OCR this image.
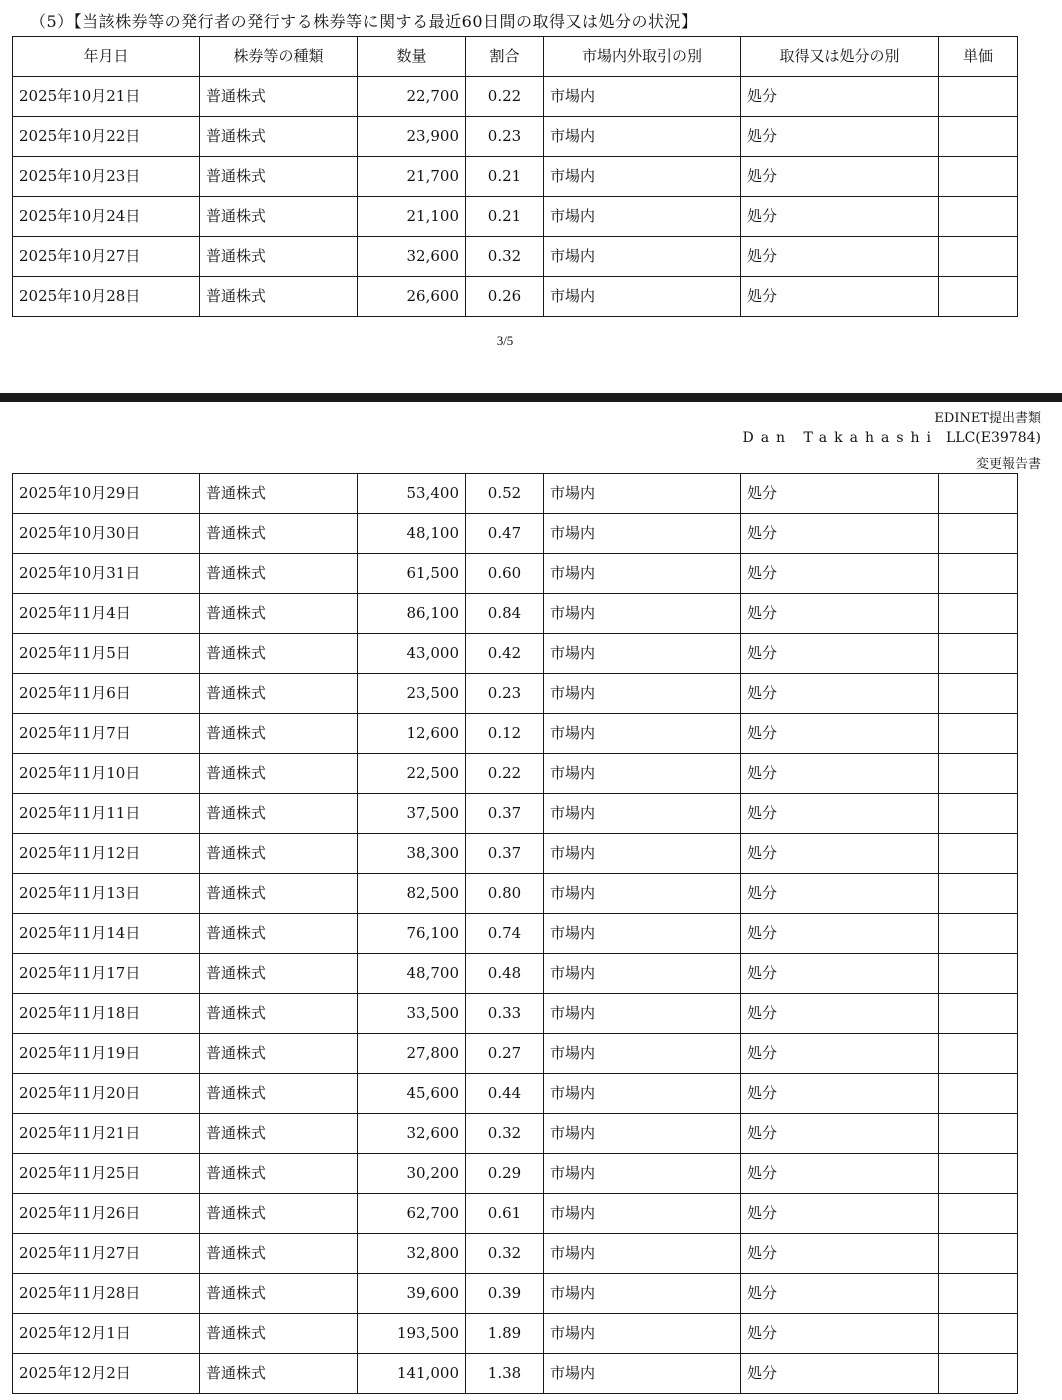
（5）【当該株券等の発行者の発行する株券等に関する最近60日間の取得又は処分の状況】
年月日	株券等の種類	数量	割合	市場内外取引の別	取得又は処分の別	単価
2025年10月21日	普通株式	22,700	0.22	市場内	処分	
2025年10月22日	普通株式	23,900	0.23	市場内	処分	
2025年10月23日	普通株式	21,700	0.21	市場内	処分	
2025年10月24日	普通株式	21,100	0.21	市場内	処分	
2025年10月27日	普通株式	32,600	0.32	市場内	処分	
2025年10月28日	普通株式	26,600	0.26	市場内	処分	
3/5
EDINET提出書類
Dan Takahashi LLC(E39784)
変更報告書
2025年10月29日	普通株式	53,400	0.52	市場内	処分	
2025年10月30日	普通株式	48,100	0.47	市場内	処分	
2025年10月31日	普通株式	61,500	0.60	市場内	処分	
2025年11月4日	普通株式	86,100	0.84	市場内	処分	
2025年11月5日	普通株式	43,000	0.42	市場内	処分	
2025年11月6日	普通株式	23,500	0.23	市場内	処分	
2025年11月7日	普通株式	12,600	0.12	市場内	処分	
2025年11月10日	普通株式	22,500	0.22	市場内	処分	
2025年11月11日	普通株式	37,500	0.37	市場内	処分	
2025年11月12日	普通株式	38,300	0.37	市場内	処分	
2025年11月13日	普通株式	82,500	0.80	市場内	処分	
2025年11月14日	普通株式	76,100	0.74	市場内	処分	
2025年11月17日	普通株式	48,700	0.48	市場内	処分	
2025年11月18日	普通株式	33,500	0.33	市場内	処分	
2025年11月19日	普通株式	27,800	0.27	市場内	処分	
2025年11月20日	普通株式	45,600	0.44	市場内	処分	
2025年11月21日	普通株式	32,600	0.32	市場内	処分	
2025年11月25日	普通株式	30,200	0.29	市場内	処分	
2025年11月26日	普通株式	62,700	0.61	市場内	処分	
2025年11月27日	普通株式	32,800	0.32	市場内	処分	
2025年11月28日	普通株式	39,600	0.39	市場内	処分	
2025年12月1日	普通株式	193,500	1.89	市場内	処分	
2025年12月2日	普通株式	141,000	1.38	市場内	処分	
